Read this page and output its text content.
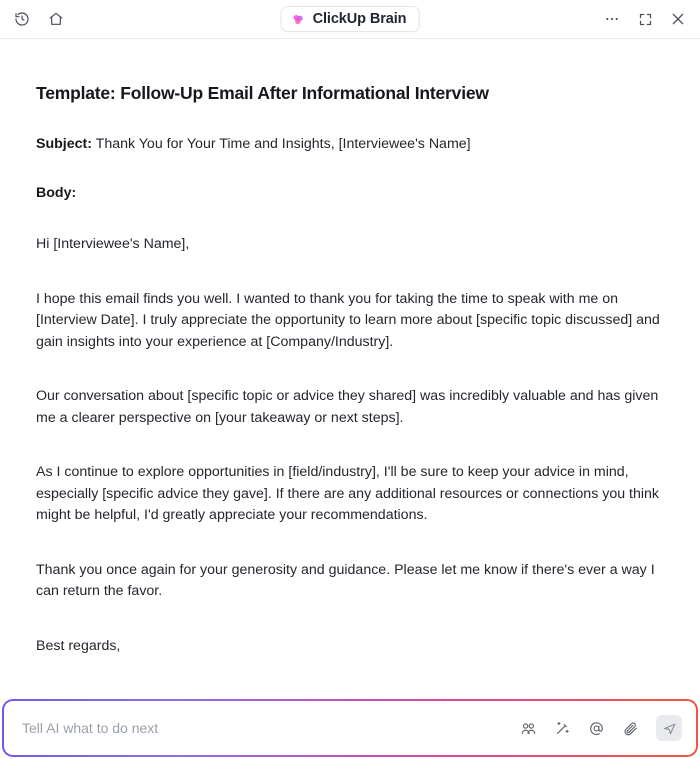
ClickUp Brain
Template: Follow-Up Email After Informational Interview

Subject: Thank You for Your Time and Insights, [Interviewee's Name]

Body:

Hi [Interviewee's Name],

I hope this email finds you well. I wanted to thank you for taking the time to speak with me on [Interview Date]. I truly appreciate the opportunity to learn more about [specific topic discussed] and gain insights into your experience at [Company/Industry].

Our conversation about [specific topic or advice they shared] was incredibly valuable and has given me a clearer perspective on [your takeaway or next steps].

As I continue to explore opportunities in [field/industry], I'll be sure to keep your advice in mind, especially [specific advice they gave]. If there are any additional resources or connections you think might be helpful, I'd greatly appreciate your recommendations.

Thank you once again for your generosity and guidance. Please let me know if there's ever a way I can return the favor.

Best regards,

Tell AI what to do next
